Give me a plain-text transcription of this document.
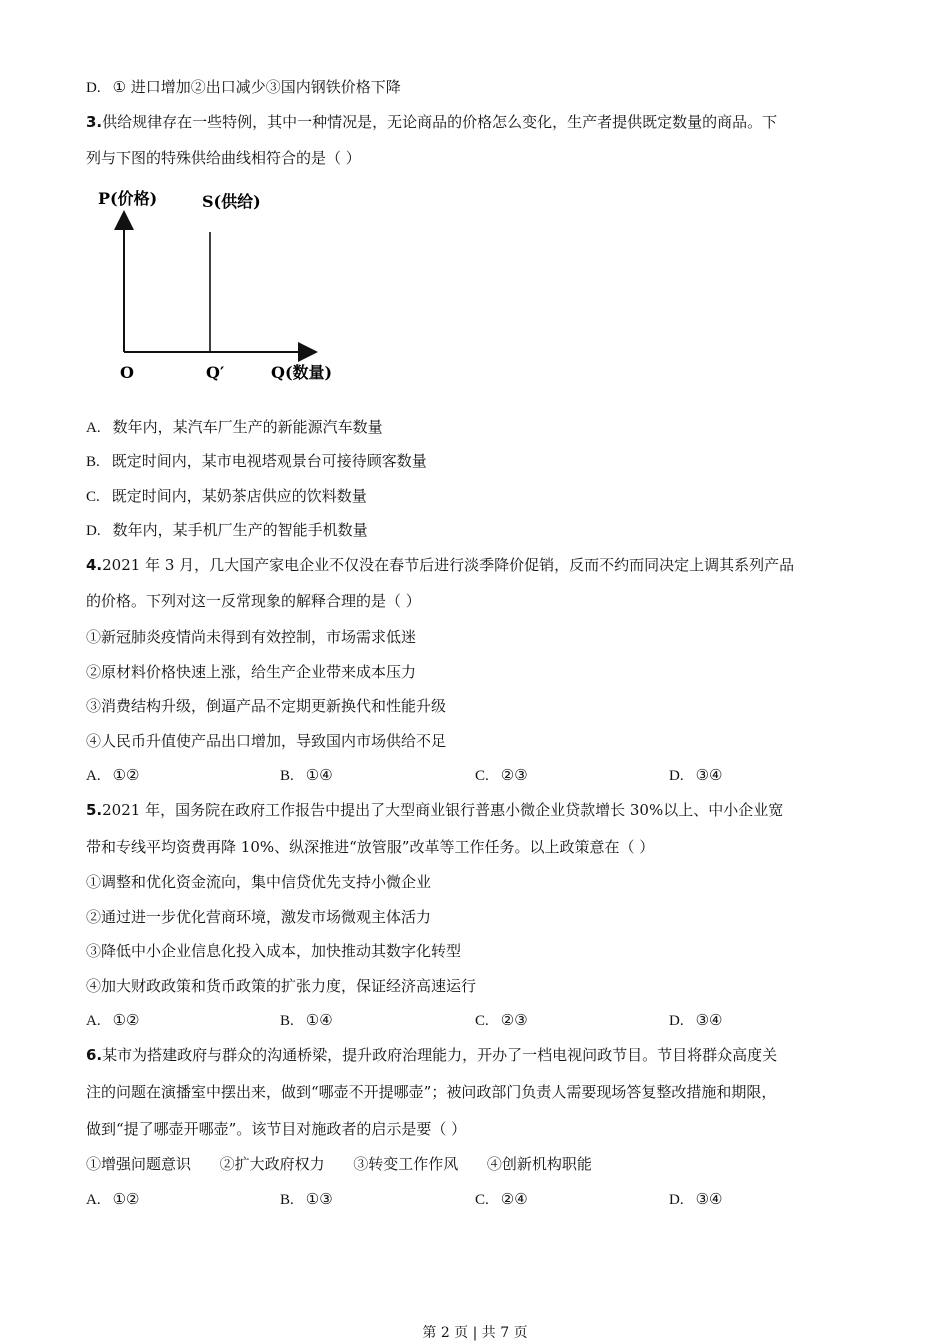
D. ① 进口增加②出口减少③国内钢铁价格下降
3.供给规律存在一些特例，其中一种情况是，无论商品的价格怎么变化，生产者提供既定数量的商品。下
列与下图的特殊供给曲线相符合的是（ ）
P(价格)	S(供给)
O	Q′	Q(数量)
A. 数年内，某汽车厂生产的新能源汽车数量
B. 既定时间内，某市电视塔观景台可接待顾客数量
C. 既定时间内，某奶茶店供应的饮料数量
D. 数年内，某手机厂生产的智能手机数量
4.2021 年 3 月，几大国产家电企业不仅没在春节后进行淡季降价促销，反而不约而同决定上调其系列产品
的价格。下列对这一反常现象的解释合理的是（ ）
①新冠肺炎疫情尚未得到有效控制，市场需求低迷
②原材料价格快速上涨，给生产企业带来成本压力
③消费结构升级，倒逼产品不定期更新换代和性能升级
④人民币升值使产品出口增加，导致国内市场供给不足
A. ①②	B. ①④	C. ②③	D. ③④
5.2021 年，国务院在政府工作报告中提出了大型商业银行普惠小微企业贷款增长 30%以上、中小企业宽
带和专线平均资费再降 10%、纵深推进“放管服”改革等工作任务。以上政策意在（ ）
①调整和优化资金流向，集中信贷优先支持小微企业
②通过进一步优化营商环境，激发市场微观主体活力
③降低中小企业信息化投入成本，加快推动其数字化转型
④加大财政政策和货币政策的扩张力度，保证经济高速运行
A. ①②	B. ①④	C. ②③	D. ③④
6.某市为搭建政府与群众的沟通桥梁，提升政府治理能力，开办了一档电视问政节目。节目将群众高度关
注的问题在演播室中摆出来，做到“哪壶不开提哪壶”；被问政部门负责人需要现场答复整改措施和期限，
做到“提了哪壶开哪壶”。该节目对施政者的启示是要（ ）
①增强问题意识      ②扩大政府权力      ③转变工作作风      ④创新机构职能
A. ①②	B. ①③	C. ②④	D. ③④
第 2 页 | 共 7 页
